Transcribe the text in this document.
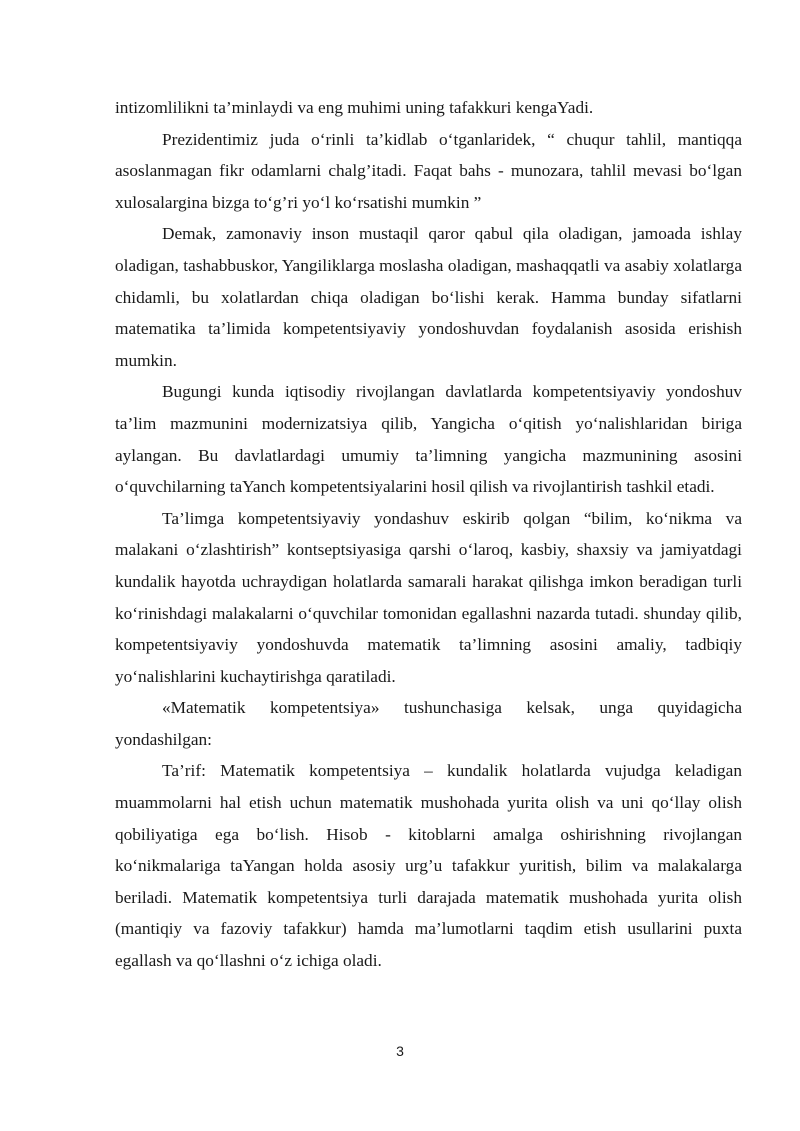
intizomlilikni ta’minlaydi va eng muhimi uning tafakkuri kengaYadi.

Prezidentimiz juda o‘rinli ta’kidlab o‘tganlaridek, “ chuqur tahlil, mantiqqa asoslanmagan fikr odamlarni chalg’itadi. Faqat bahs - munozara, tahlil mevasi bo‘lgan xulosalargina bizga to‘g’ri yo‘l ko‘rsatishi mumkin ”

Demak, zamonaviy inson mustaqil qaror qabul qila oladigan, jamoada ishlay oladigan, tashabbuskor, Yangiliklarga moslasha oladigan, mashaqqatli va asabiy xolatlarga chidamli, bu xolatlardan chiqa oladigan bo‘lishi kerak. Hamma bunday sifatlarni matematika ta’limida kompetentsiyaviy yondoshuvdan foydalanish asosida erishish mumkin.

Bugungi kunda iqtisodiy rivojlangan davlatlarda kompetentsiyaviy yondoshuv ta’lim mazmunini modernizatsiya qilib, Yangicha o‘qitish yo‘nalishlaridan biriga aylangan. Bu davlatlardagi umumiy ta’limning yangicha mazmunining asosini o‘quvchilarning taYanch kompetentsiyalarini hosil qilish va rivojlantirish tashkil etadi.

Ta’limga kompetentsiyaviy yondashuv eskirib qolgan “bilim, ko‘nikma va malakani o‘zlashtirish” kontseptsiyasiga qarshi o‘laroq, kasbiy, shaxsiy va jamiyatdagi kundalik hayotda uchraydigan holatlarda samarali harakat qilishga imkon beradigan turli ko‘rinishdagi malakalarni o‘quvchilar tomonidan egallashni nazarda tutadi. shunday qilib, kompetentsiyaviy yondoshuvda matematik ta’limning asosini amaliy, tadbiqiy yo‘nalishlarini kuchaytirishga qaratiladi.

«Matematik kompetentsiya» tushunchasiga kelsak, unga quyidagicha yondashilgan:

Ta’rif: Matematik kompetentsiya – kundalik holatlarda vujudga keladigan muammolarni hal etish uchun matematik mushohada yurita olish va uni qo‘llay olish qobiliyatiga ega bo‘lish. Hisob - kitoblarni amalga oshirishning rivojlangan ko‘nikmalariga taYangan holda asosiy urg’u tafakkur yuritish, bilim va malakalarga beriladi. Matematik kompetentsiya turli darajada matematik mushohada yurita olish (mantiqiy va fazoviy tafakkur) hamda ma’lumotlarni taqdim etish usullarini puxta egallash va qo‘llashni o‘z ichiga oladi.

3
